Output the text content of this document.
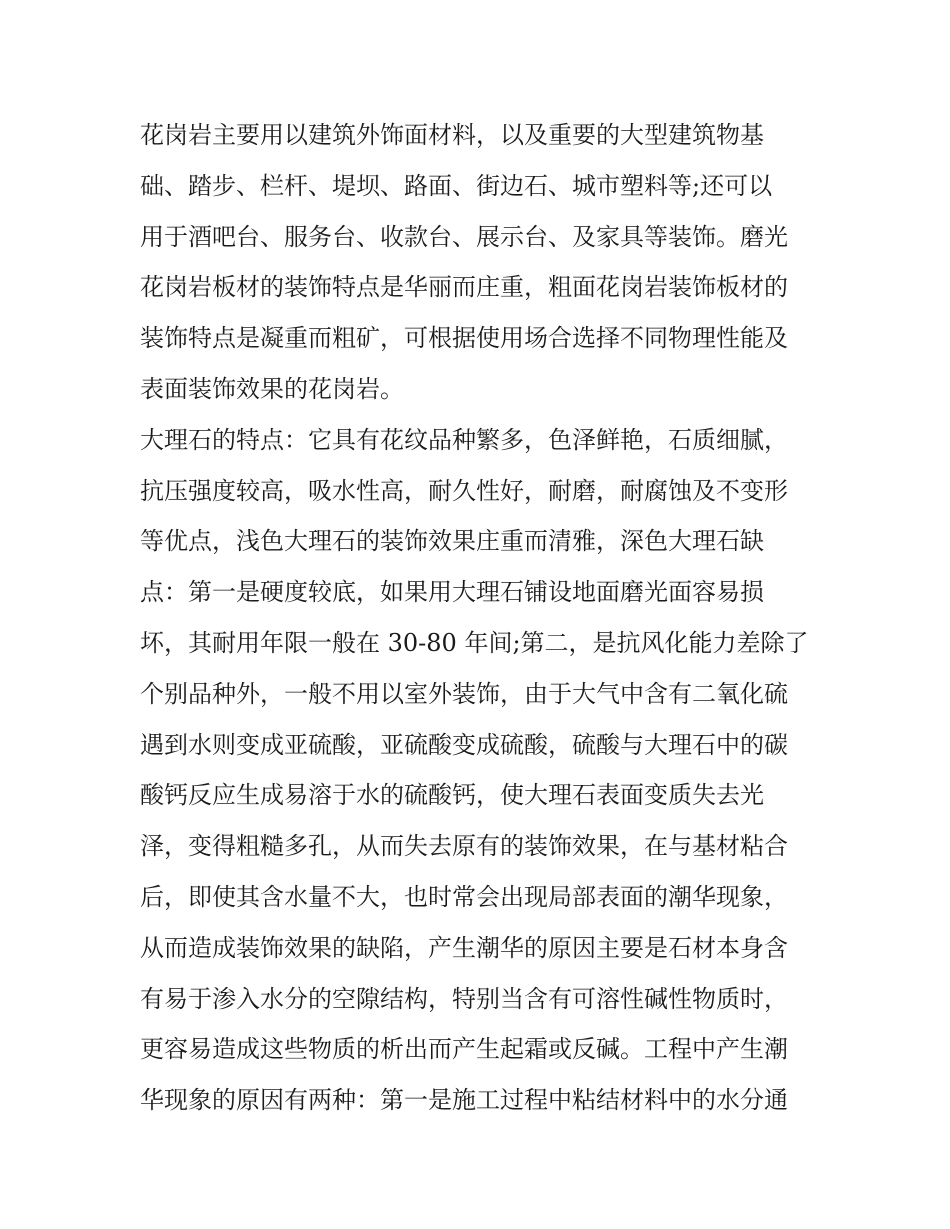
花岗岩主要用以建筑外饰面材料，以及重要的大型建筑物基
础、踏步、栏杆、堤坝、路面、街边石、城市塑料等;还可以
用于酒吧台、服务台、收款台、展示台、及家具等装饰。磨光
花岗岩板材的装饰特点是华丽而庄重，粗面花岗岩装饰板材的
装饰特点是凝重而粗矿，可根据使用场合选择不同物理性能及
表面装饰效果的花岗岩。
大理石的特点：它具有花纹品种繁多，色泽鲜艳，石质细腻，
抗压强度较高，吸水性高，耐久性好，耐磨，耐腐蚀及不变形
等优点，浅色大理石的装饰效果庄重而清雅，深色大理石缺
点：第一是硬度较底，如果用大理石铺设地面磨光面容易损
坏，其耐用年限一般在 30-80 年间;第二，是抗风化能力差除了
个别品种外，一般不用以室外装饰，由于大气中含有二氧化硫
遇到水则变成亚硫酸，亚硫酸变成硫酸，硫酸与大理石中的碳
酸钙反应生成易溶于水的硫酸钙，使大理石表面变质失去光
泽，变得粗糙多孔，从而失去原有的装饰效果，在与基材粘合
后，即使其含水量不大，也时常会出现局部表面的潮华现象，
从而造成装饰效果的缺陷，产生潮华的原因主要是石材本身含
有易于渗入水分的空隙结构，特别当含有可溶性碱性物质时，
更容易造成这些物质的析出而产生起霜或反碱。工程中产生潮
华现象的原因有两种：第一是施工过程中粘结材料中的水分通
